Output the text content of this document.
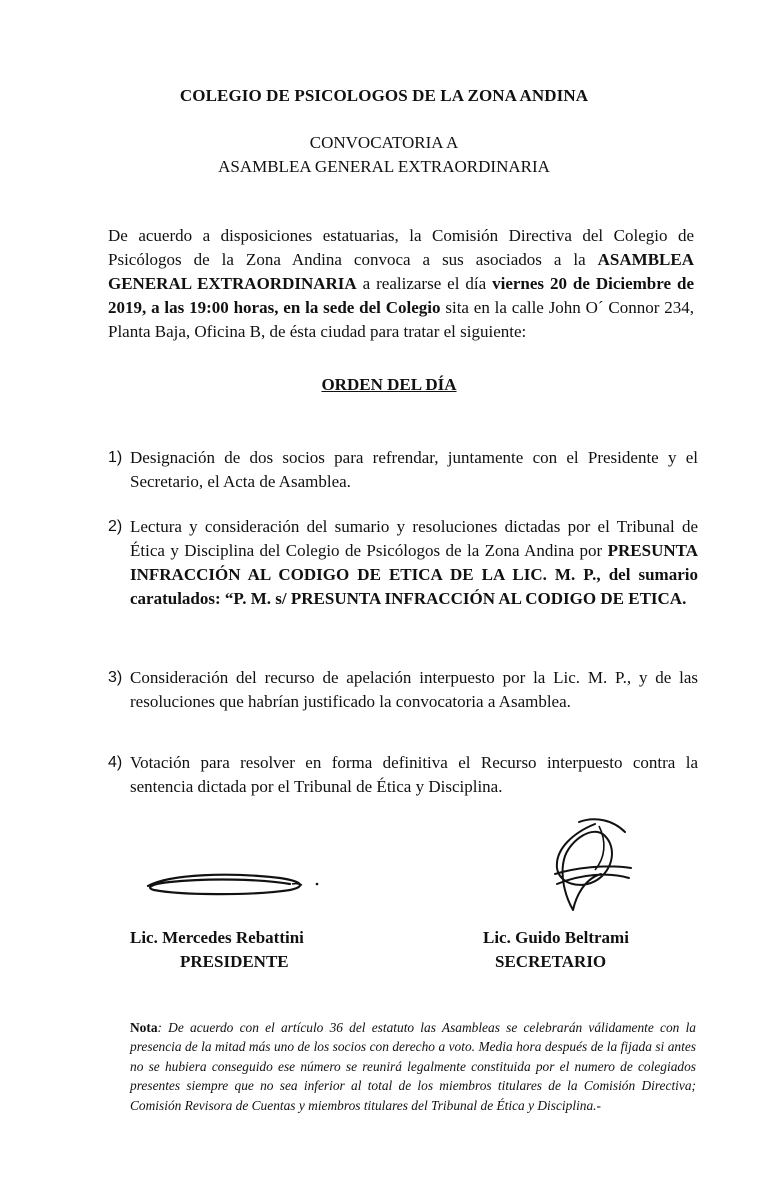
COLEGIO DE PSICOLOGOS DE LA ZONA ANDINA
CONVOCATORIA A
ASAMBLEA GENERAL EXTRAORDINARIA
De acuerdo a disposiciones estatuarias, la Comisión Directiva del Colegio de Psicólogos de la Zona Andina convoca a sus asociados a la ASAMBLEA GENERAL EXTRAORDINARIA a realizarse el día viernes 20 de Diciembre de 2019, a las 19:00 horas, en la sede del Colegio sita en la calle John O´ Connor 234, Planta Baja, Oficina B, de ésta ciudad para tratar el siguiente:
ORDEN DEL DÍA
1) Designación de dos socios para refrendar, juntamente con el Presidente y el Secretario, el Acta de Asamblea.
2) Lectura y consideración del sumario y resoluciones dictadas por el Tribunal de Ética y Disciplina del Colegio de Psicólogos de la Zona Andina por PRESUNTA INFRACCIÓN AL CODIGO DE ETICA DE LA LIC. M. P., del sumario caratulados: “P. M. s/ PRESUNTA INFRACCIÓN AL CODIGO DE ETICA.
3) Consideración del recurso de apelación interpuesto por la Lic. M. P., y de las resoluciones que habrían justificado la convocatoria a Asamblea.
4) Votación para resolver en forma definitiva el Recurso interpuesto contra la sentencia dictada por el Tribunal de Ética y Disciplina.
Lic. Mercedes Rebattini
PRESIDENTE
Lic. Guido Beltrami
SECRETARIO
Nota: De acuerdo con el artículo 36 del estatuto las Asambleas se celebrarán válidamente con la presencia de la mitad más uno de los socios con derecho a voto. Media hora después de la fijada si antes no se hubiera conseguido ese número se reunirá legalmente constituida por el numero de colegiados presentes siempre que no sea inferior al total de los miembros titulares de la Comisión Directiva; Comisión Revisora de Cuentas y miembros titulares del Tribunal de Ética y Disciplina.-
